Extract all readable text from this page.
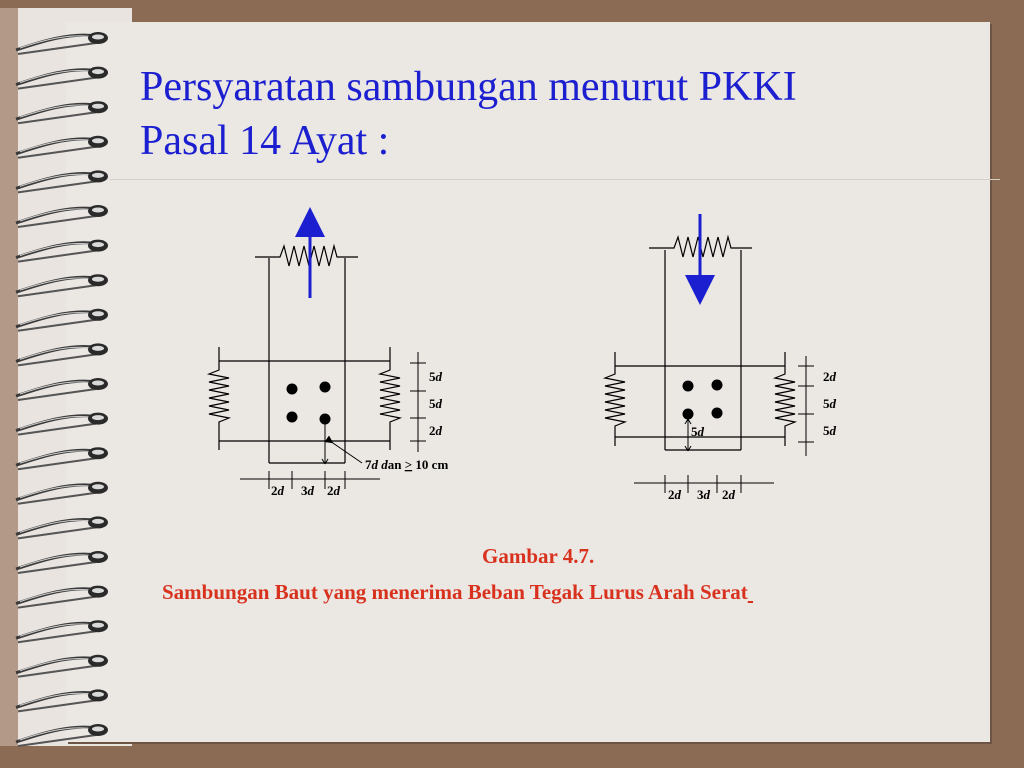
Persyaratan sambungan menurut PKKI
Pasal 14 Ayat :
5d
5d
2d
7d dan > 10 cm
2d 3d 2d
2d
5d
5d
5d
2d 3d 2d
Gambar 4.7.
Sambungan Baut yang menerima Beban Tegak Lurus Arah Serat
